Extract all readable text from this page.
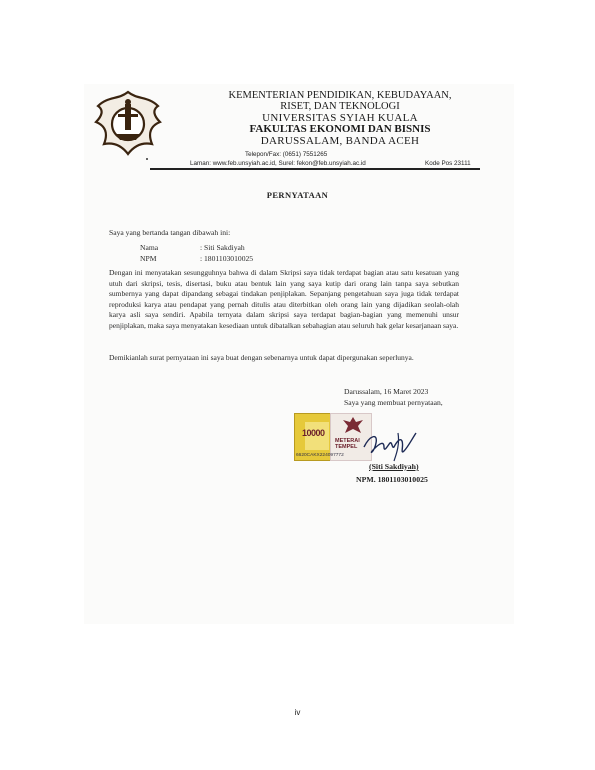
KEMENTERIAN PENDIDIKAN, KEBUDAYAAN,
RISET, DAN TEKNOLOGI
UNIVERSITAS SYIAH KUALA
FAKULTAS EKONOMI DAN BISNIS
DARUSSALAM, BANDA ACEH
Telepon/Fax: (0651) 7551265
Laman: www.feb.unsyiah.ac.id, Surel: fekon@feb.unsyiah.ac.id	Kode Pos 23111
PERNYATAAN
Saya yang bertanda tangan dibawah ini:
Nama	: Siti Sakdiyah
NPM	: 1801103010025
Dengan ini menyatakan sesungguhnya bahwa di dalam Skripsi saya tidak terdapat bagian atau satu kesatuan yang utuh dari skripsi, tesis, disertasi, buku atau bentuk lain yang saya kutip dari orang lain tanpa saya sebutkan sumbernya yang dapat dipandang sebagai tindakan penjiplakan. Sepanjang pengetahuan saya juga tidak terdapat reproduksi karya atau pendapat yang pernah ditulis atau diterbitkan oleh orang lain yang dijadikan seolah-olah karya asli saya sendiri. Apabila ternyata dalam skripsi saya terdapat bagian-bagian yang memenuhi unsur penjiplakan, maka saya menyatakan kesediaan untuk dibatalkan sebahagian atau seluruh hak gelar kesarjanaan saya.
Demikianlah surat pernyataan ini saya buat dengan sebenarnya untuk dapat dipergunakan seperlunya.
Darussalam, 16 Maret 2023
Saya yang membuat pernyataan,
10000
METERAI
TEMPEL
6620CAKX224097772
(Siti Sakdiyah)
NPM. 1801103010025
iv
